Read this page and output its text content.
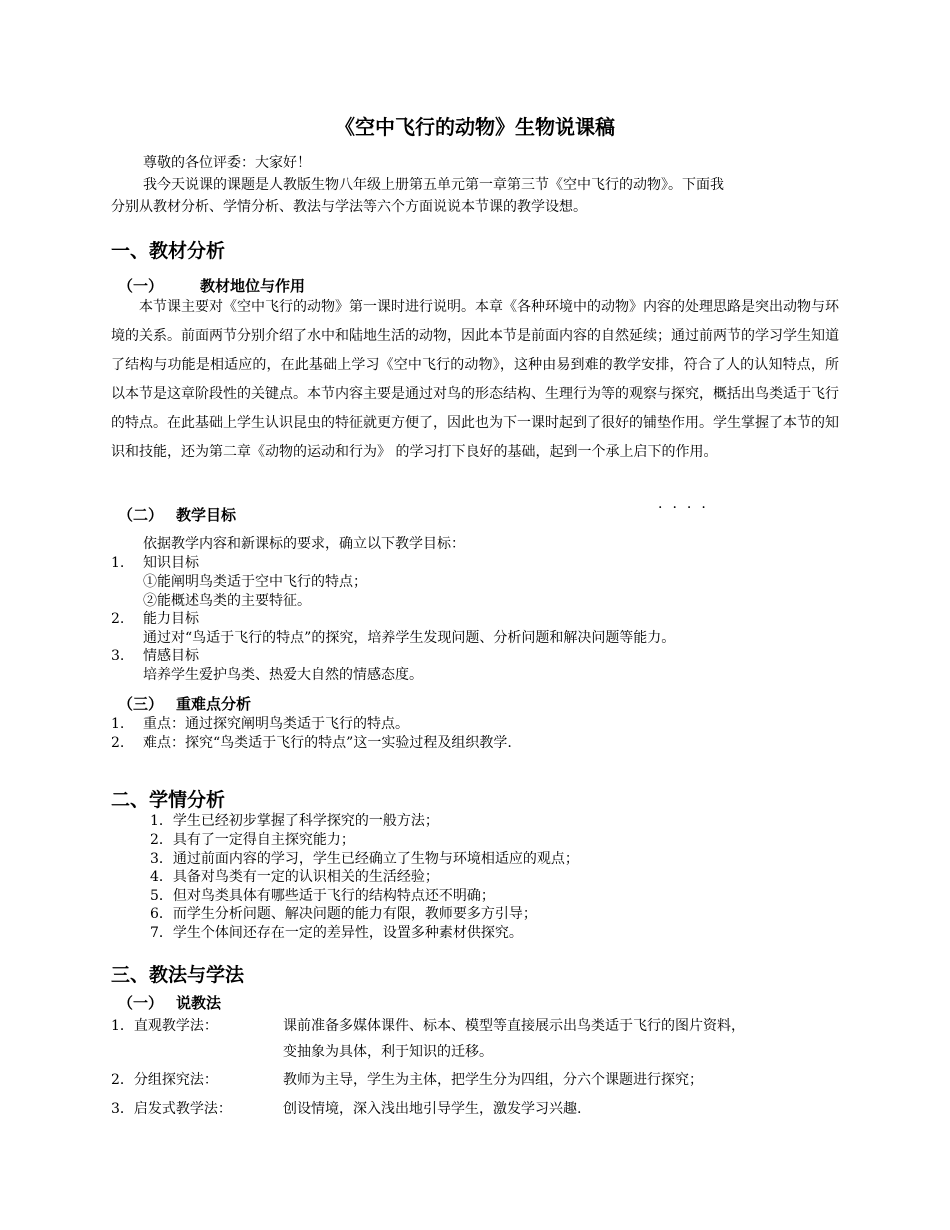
《空中飞行的动物》生物说课稿
尊敬的各位评委：大家好！
我今天说课的课题是人教版生物八年级上册第五单元第一章第三节《空中飞行的动物》。下面我
分别从教材分析、学情分析、教法与学法等六个方面说说本节课的教学设想。
一、教材分析
（一） 教材地位与作用
本节课主要对《空中飞行的动物》第一课时进行说明。本章《各种环境中的动物》内容的处理思路是突出动物与环境的关系。前面两节分别介绍了水中和陆地生活的动物，因此本节是前面内容的自然延续；通过前两节的学习学生知道了结构与功能是相适应的，在此基础上学习《空中飞行的动物》，这种由易到难的教学安排，符合了人的认知特点，所以本节是这章阶段性的关键点。本节内容主要是通过对鸟的形态结构、生理行为等的观察与探究，概括出鸟类适于飞行的特点。在此基础上学生认识昆虫的特征就更方便了，因此也为下一课时起到了很好的铺垫作用。学生掌握了本节的知识和技能，还为第二章《动物的运动和行为》 的学习打下良好的基础，起到一个承上启下的作用。
（二） 教学目标	····
依据教学内容和新课标的要求，确立以下教学目标：
1. 知识目标
①能阐明鸟类适于空中飞行的特点；
②能概述鸟类的主要特征。
2. 能力目标
通过对“鸟适于飞行的特点”的探究，培养学生发现问题、分析问题和解决问题等能力。
3. 情感目标
培养学生爱护鸟类、热爱大自然的情感态度。
（三） 重难点分析
1. 重点：通过探究阐明鸟类适于飞行的特点。
2. 难点：探究“鸟类适于飞行的特点”这一实验过程及组织教学.
二、学情分析
1．学生已经初步掌握了科学探究的一般方法；
2．具有了一定得自主探究能力；
3．通过前面内容的学习，学生已经确立了生物与环境相适应的观点；
4．具备对鸟类有一定的认识相关的生活经验；
5．但对鸟类具体有哪些适于飞行的结构特点还不明确；
6．而学生分析问题、解决问题的能力有限，教师要多方引导；
7．学生个体间还存在一定的差异性，设置多种素材供探究。
三、教法与学法
（一） 说教法
1．直观教学法：	课前准备多媒体课件、标本、模型等直接展示出鸟类适于飞行的图片资料，
变抽象为具体，利于知识的迁移。
2．分组探究法：	教师为主导，学生为主体，把学生分为四组，分六个课题进行探究；
3．启发式教学法：	创设情境，深入浅出地引导学生，激发学习兴趣.
